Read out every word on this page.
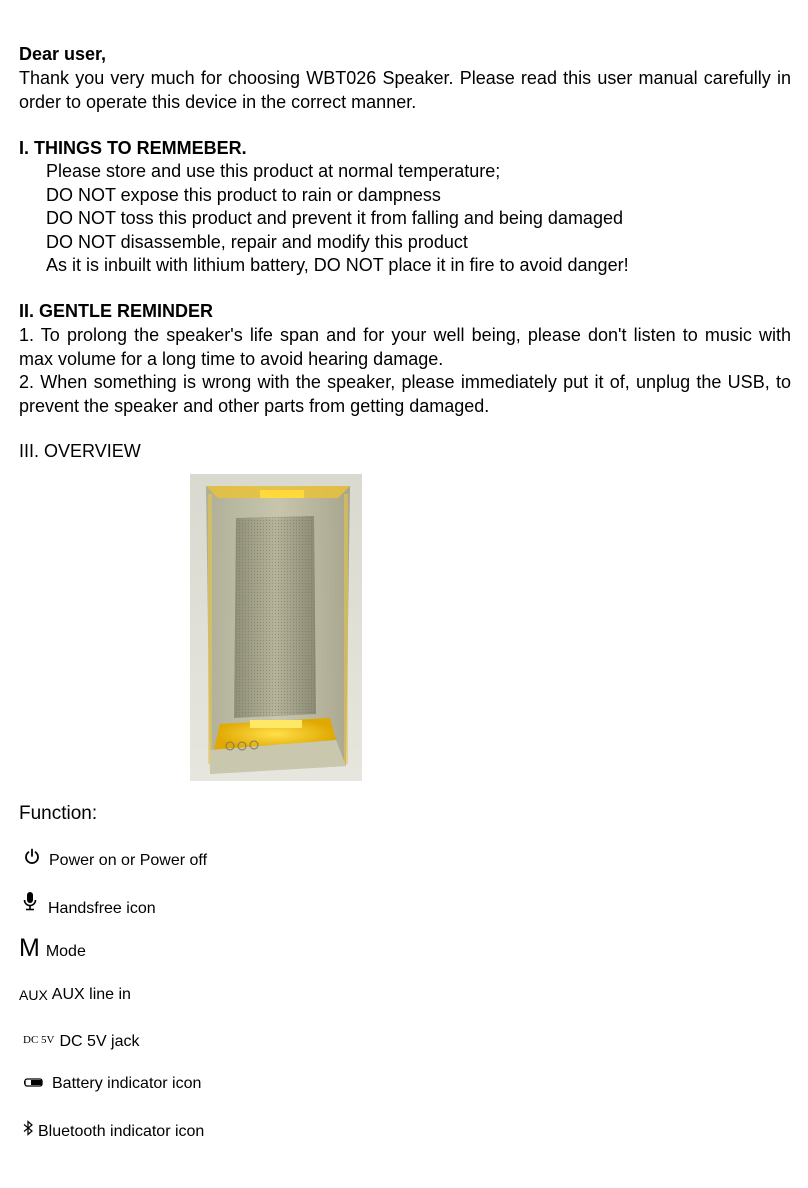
Dear user,
Thank you very much for choosing WBT026 Speaker. Please read this user manual carefully in order to operate this device in the correct manner.
I. THINGS TO REMMEBER.
Please store and use this product at normal temperature;
DO NOT expose this product to rain or dampness
DO NOT toss this product and prevent it from falling and being damaged
DO NOT disassemble, repair and modify this product
As it is inbuilt with lithium battery, DO NOT place it in fire to avoid danger!
II. GENTLE REMINDER
1. To prolong the speaker's life span and for your well being, please don't listen to music with max volume for a long time to avoid hearing damage.
2. When something is wrong with the speaker, please immediately put it of, unplug the USB, to prevent the speaker and other parts from getting damaged.
III. OVERVIEW
Function:
Power on or Power off
Handsfree icon
M Mode
AUX AUX line in
DC 5V DC 5V jack
Battery indicator icon
Bluetooth indicator icon
